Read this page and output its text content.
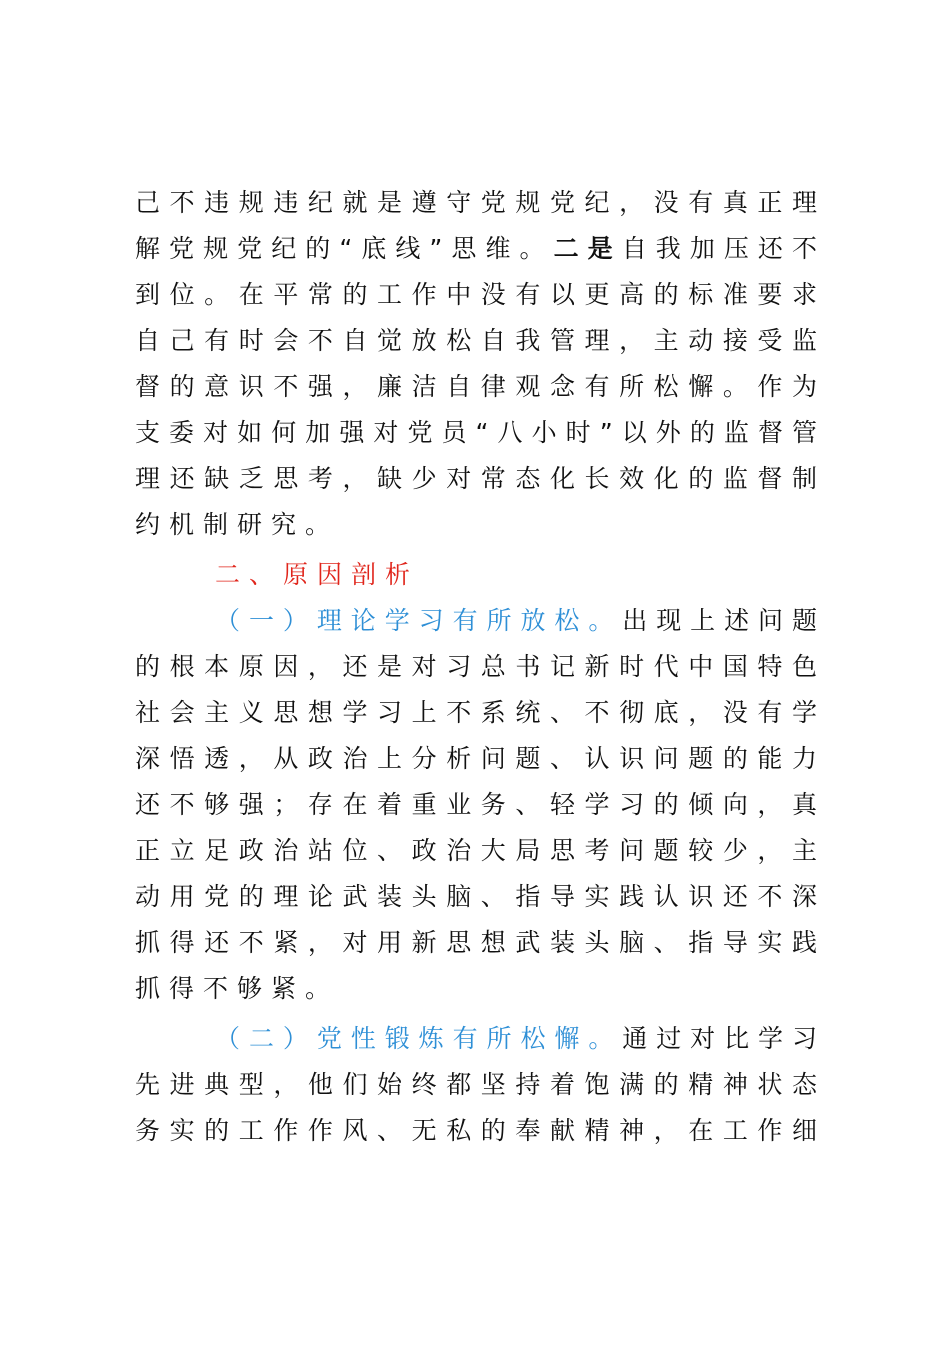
己不违规违纪就是遵守党规党纪，没有真正理
解党规党纪的“底线”思维。二是自我加压还不
到位。在平常的工作中没有以更高的标准要求
自己有时会不自觉放松自我管理，主动接受监
督的意识不强，廉洁自律观念有所松懈。作为
支委对如何加强对党员“八小时”以外的监督管
理还缺乏思考，缺少对常态化长效化的监督制
约机制研究。
二、原因剖析
（一）理论学习有所放松。出现上述问题
的根本原因，还是对习总书记新时代中国特色
社会主义思想学习上不系统、不彻底，没有学
深悟透，从政治上分析问题、认识问题的能力
还不够强；存在着重业务、轻学习的倾向，真
正立足政治站位、政治大局思考问题较少，主
动用党的理论武装头脑、指导实践认识还不深
抓得还不紧，对用新思想武装头脑、指导实践
抓得不够紧。
（二）党性锻炼有所松懈。通过对比学习
先进典型，他们始终都坚持着饱满的精神状态
务实的工作作风、无私的奉献精神，在工作细
